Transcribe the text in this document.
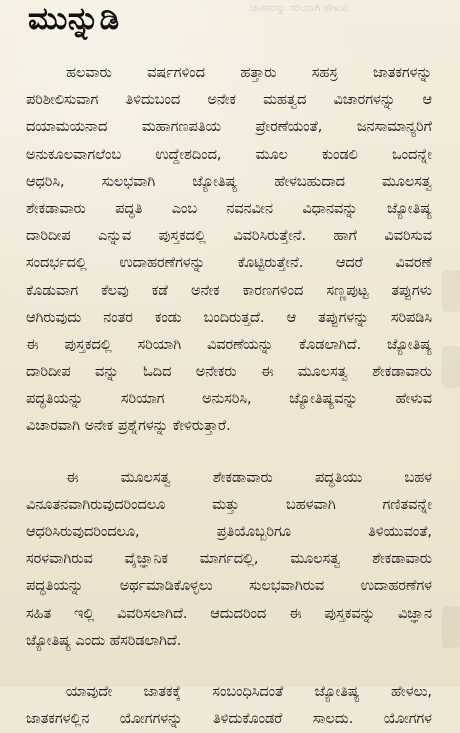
ಜಾತಕವನ್ನು ಸರಿಯಾಗಿ ಹೇಳುವ
ಮುನ್ನುಡಿ
ಹಲವಾರು ವರ್ಷಗಳಿಂದ ಹತ್ತಾರು ಸಹಸ್ರ ಜಾತಕಗಳನ್ನು
ಪರಿಶೀಲಿಸುವಾಗ ತಿಳಿದುಬಂದ ಅನೇಕ ಮಹತ್ವದ ವಿಚಾರಗಳನ್ನು ಆ
ದಯಾಮಯನಾದ ಮಹಾಗಣಪತಿಯ ಪ್ರೇರಣೆಯಂತೆ, ಜನಸಾಮಾನ್ಯರಿಗೆ
ಅನುಕೂಲವಾಗಲೆಂಬ ಉದ್ದೇಶದಿಂದ, ಮೂಲ ಕುಂಡಲಿ ಒಂದನ್ನೇ
ಆಧರಿಸಿ, ಸುಲಭವಾಗಿ ಜ್ಯೋತಿಷ್ಯ ಹೇಳಬಹುದಾದ ಮೂಲಸತ್ವ
ಶೇಕಡಾವಾರು ಪದ್ಧತಿ ಎಂಬ ನವನವೀನ ವಿಧಾನವನ್ನು ಜ್ಯೋತಿಷ್ಯ
ದಾರಿದೀಪ ಎನ್ನುವ ಪುಸ್ತಕದಲ್ಲಿ ವಿವರಿಸಿರುತ್ತೇನೆ. ಹಾಗೆ ವಿವರಿಸುವ
ಸಂದರ್ಭದಲ್ಲಿ ಉದಾಹರಣೆಗಳನ್ನು ಕೊಟ್ಟಿರುತ್ತೇನೆ. ಆದರೆ ವಿವರಣೆ
ಕೊಡುವಾಗ ಕೆಲವು ಕಡೆ ಅನೇಕ ಕಾರಣಗಳಿಂದ ಸಣ್ಣಪುಟ್ಟ ತಪ್ಪುಗಳು
ಆಗಿರುವುದು ನಂತರ ಕಂಡು ಬಂದಿರುತ್ತದೆ. ಆ ತಪ್ಪುಗಳನ್ನು ಸರಿಪಡಿಸಿ
ಈ ಪುಸ್ತಕದಲ್ಲಿ ಸರಿಯಾಗಿ ವಿವರಣೆಯನ್ನು ಕೊಡಲಾಗಿದೆ. ಜ್ಯೋತಿಷ್ಯ
ದಾರಿದೀಪ ವನ್ನು ಓದಿದ ಅನೇಕರು ಈ ಮೂಲಸತ್ವ ಶೇಕಡಾವಾರು
ಪದ್ಧತಿಯನ್ನು ಸರಿಯಾಗ ಅನುಸರಿಸಿ, ಜ್ಯೋತಿಷ್ಯವನ್ನು ಹೇಳುವ
ವಿಚಾರವಾಗಿ ಅನೇಕ ಪ್ರಶ್ನೆಗಳನ್ನು ಕೇಳಿರುತ್ತಾರೆ.
ಈ ಮೂಲಸತ್ವ ಶೇಕಡಾವಾರು ಪದ್ಧತಿಯು ಬಹಳ
ವಿನೂತನವಾಗಿರುವುದರಿಂದಲೂ ಮತ್ತು ಬಹಳವಾಗಿ ಗಣಿತವನ್ನೇ
ಆಧರಿಸಿರುವುದರಿಂದಲೂ, ಪ್ರತಿಯೊಬ್ಬರಿಗೂ ತಿಳಿಯುವಂತೆ,
ಸರಳವಾಗಿರುವ ವೈಜ್ಞಾನಿಕ ಮಾರ್ಗದಲ್ಲಿ, ಮೂಲಸತ್ವ ಶೇಕಡಾವಾರು
ಪದ್ಧತಿಯನ್ನು ಅರ್ಥಮಾಡಿಕೊಳ್ಳಲು ಸುಲಭವಾಗಿರುವ ಉದಾಹರಣೆಗಳ
ಸಹಿತ ಇಲ್ಲಿ ವಿವರಿಸಲಾಗಿದೆ. ಆದುದರಿಂದ ಈ ಪುಸ್ತಕವನ್ನು ವಿಜ್ಞಾನ
ಜ್ಯೋತಿಷ್ಯ ಎಂದು ಹೆಸರಿಡಲಾಗಿದೆ.
ಯಾವುದೇ ಜಾತಕಕ್ಕೆ ಸಂಬಂಧಿಸಿದಂತೆ ಜ್ಯೋತಿಷ್ಯ ಹೇಳಲು,
ಜಾತಕಗಳಲ್ಲಿನ ಯೋಗಗಳನ್ನು ತಿಳಿದುಕೊಂಡರೆ ಸಾಲದು. ಯೋಗಗಳ
